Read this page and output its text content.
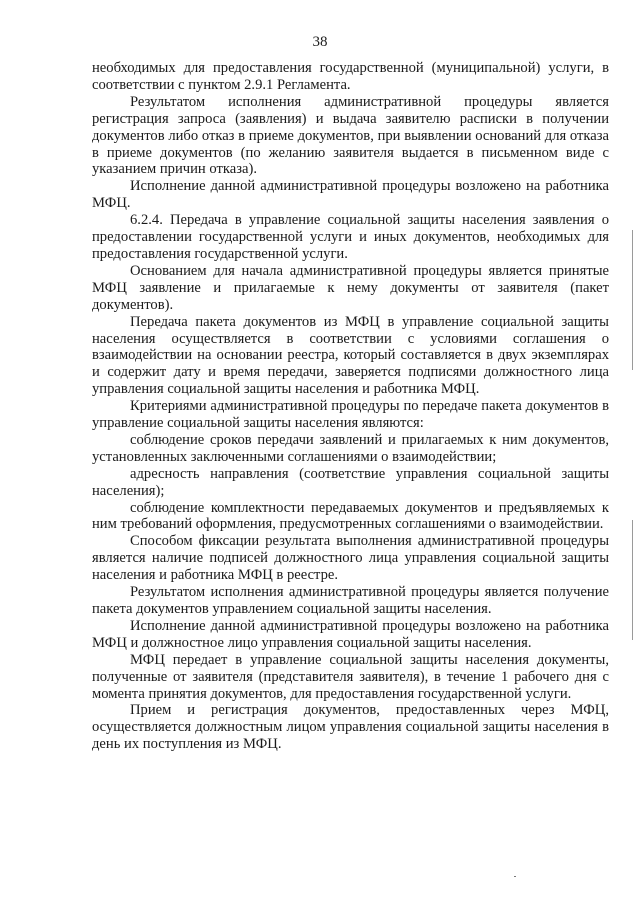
38

необходимых для предоставления государственной (муниципальной) услуги, в соответствии с пунктом 2.9.1 Регламента.

Результатом исполнения административной процедуры является регистрация запроса (заявления) и выдача заявителю расписки в получении документов либо отказ в приеме документов, при выявлении оснований для отказа в приеме документов (по желанию заявителя выдается в письменном виде с указанием причин отказа).

Исполнение данной административной процедуры возложено на работника МФЦ.

6.2.4. Передача в управление социальной защиты населения заявления о предоставлении государственной услуги и иных документов, необходимых для предоставления государственной услуги.

Основанием для начала административной процедуры является принятые МФЦ заявление и прилагаемые к нему документы от заявителя (пакет документов).

Передача пакета документов из МФЦ в управление социальной защиты населения осуществляется в соответствии с условиями соглашения о взаимодействии на основании реестра, который составляется в двух экземплярах и содержит дату и время передачи, заверяется подписями должностного лица управления социальной защиты населения и работника МФЦ.

Критериями административной процедуры по передаче пакета документов в управление социальной защиты населения являются:

соблюдение сроков передачи заявлений и прилагаемых к ним документов, установленных заключенными соглашениями о взаимодействии;

адресность направления (соответствие управления социальной защиты населения);

соблюдение комплектности передаваемых документов и предъявляемых к ним требований оформления, предусмотренных соглашениями о взаимодействии.

Способом фиксации результата выполнения административной процедуры является наличие подписей должностного лица управления социальной защиты населения и работника МФЦ в реестре.

Результатом исполнения административной процедуры является получение пакета документов управлением социальной защиты населения.

Исполнение данной административной процедуры возложено на работника МФЦ и должностное лицо управления социальной защиты населения.

МФЦ передает в управление социальной защиты населения документы, полученные от заявителя (представителя заявителя), в течение 1 рабочего дня с момента принятия документов, для предоставления государственной услуги.

Прием и регистрация документов, предоставленных через МФЦ, осуществляется должностным лицом управления социальной защиты населения в день их поступления из МФЦ.
